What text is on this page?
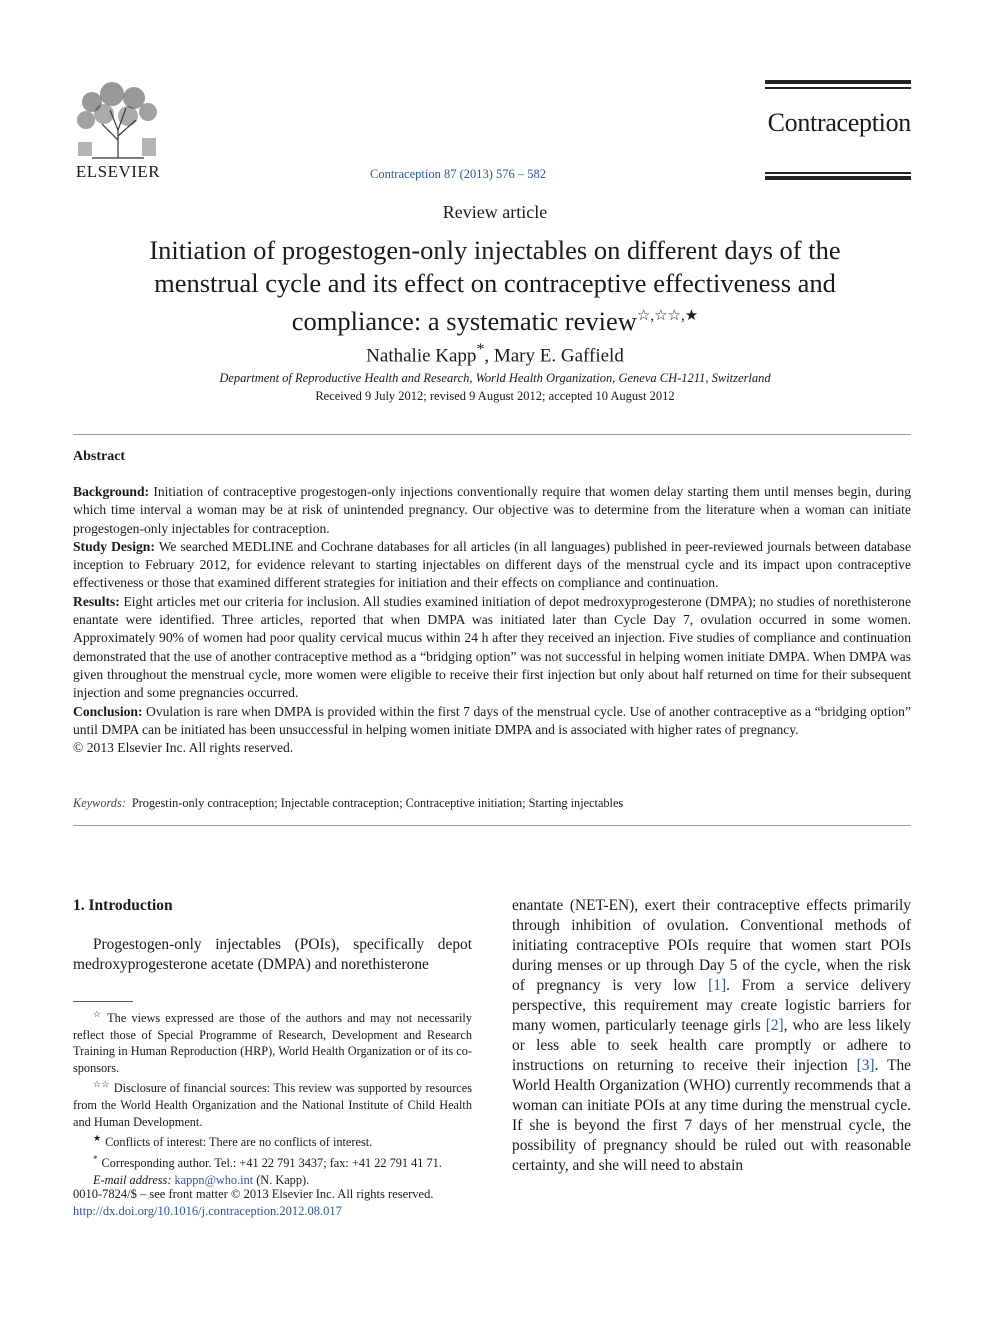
ELSEVIER	Contraception 87 (2013) 576 – 582
Contraception
Review article
Initiation of progestogen-only injectables on different days of the menstrual cycle and its effect on contraceptive effectiveness and compliance: a systematic review☆,☆☆,★
Nathalie Kapp*, Mary E. Gaffield
Department of Reproductive Health and Research, World Health Organization, Geneva CH-1211, Switzerland
Received 9 July 2012; revised 9 August 2012; accepted 10 August 2012
Abstract

Background: Initiation of contraceptive progestogen-only injections conventionally require that women delay starting them until menses begin, during which time interval a woman may be at risk of unintended pregnancy. Our objective was to determine from the literature when a woman can initiate progestogen-only injectables for contraception.

Study Design: We searched MEDLINE and Cochrane databases for all articles (in all languages) published in peer-reviewed journals between database inception to February 2012, for evidence relevant to starting injectables on different days of the menstrual cycle and its impact upon contraceptive effectiveness or those that examined different strategies for initiation and their effects on compliance and continuation.

Results: Eight articles met our criteria for inclusion. All studies examined initiation of depot medroxyprogesterone (DMPA); no studies of norethisterone enantate were identified. Three articles, reported that when DMPA was initiated later than Cycle Day 7, ovulation occurred in some women. Approximately 90% of women had poor quality cervical mucus within 24 h after they received an injection. Five studies of compliance and continuation demonstrated that the use of another contraceptive method as a “bridging option” was not successful in helping women initiate DMPA. When DMPA was given throughout the menstrual cycle, more women were eligible to receive their first injection but only about half returned on time for their subsequent injection and some pregnancies occurred.

Conclusion: Ovulation is rare when DMPA is provided within the first 7 days of the menstrual cycle. Use of another contraceptive as a “bridging option” until DMPA can be initiated has been unsuccessful in helping women initiate DMPA and is associated with higher rates of pregnancy.

© 2013 Elsevier Inc. All rights reserved.

Keywords: Progestin-only contraception; Injectable contraception; Contraceptive initiation; Starting injectables
1. Introduction

Progestogen-only injectables (POIs), specifically depot medroxyprogesterone acetate (DMPA) and norethisterone

☆ The views expressed are those of the authors and may not necessarily reflect those of Special Programme of Research, Development and Research Training in Human Reproduction (HRP), World Health Organization or of its co-sponsors.

☆☆ Disclosure of financial sources: This review was supported by resources from the World Health Organization and the National Institute of Child Health and Human Development.

★ Conflicts of interest: There are no conflicts of interest.

* Corresponding author. Tel.: +41 22 791 3437; fax: +41 22 791 41 71.

E-mail address: kappn@who.int (N. Kapp).

0010-7824/$ – see front matter © 2013 Elsevier Inc. All rights reserved.
http://dx.doi.org/10.1016/j.contraception.2012.08.017

enantate (NET-EN), exert their contraceptive effects primarily through inhibition of ovulation. Conventional methods of initiating contraceptive POIs require that women start POIs during menses or up through Day 5 of the cycle, when the risk of pregnancy is very low [1]. From a service delivery perspective, this requirement may create logistic barriers for many women, particularly teenage girls [2], who are less likely or less able to seek health care promptly or adhere to instructions on returning to receive their injection [3]. The World Health Organization (WHO) currently recommends that a woman can initiate POIs at any time during the menstrual cycle. If she is beyond the first 7 days of her menstrual cycle, the possibility of pregnancy should be ruled out with reasonable certainty, and she will need to abstain
